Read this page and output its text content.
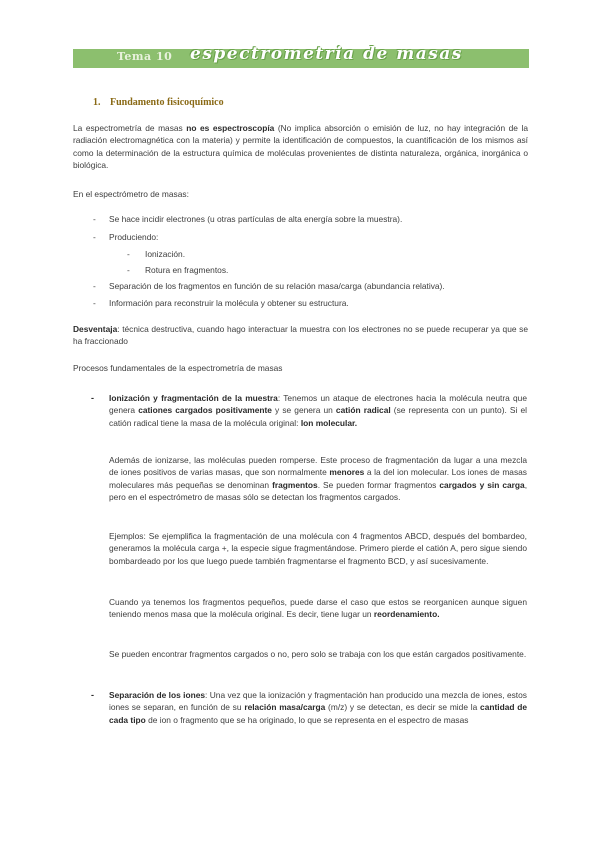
Tema 10 espectrometria de masas
1. Fundamento fisicoquímico
La espectrometría de masas no es espectroscopía (No implica absorción o emisión de luz, no hay integración de la radiación electromagnética con la materia) y permite la identificación de compuestos, la cuantificación de los mismos así como la determinación de la estructura química de moléculas provenientes de distinta naturaleza, orgánica, inorgánica o biológica.
En el espectrómetro de masas:
- Se hace incidir electrones (u otras partículas de alta energía sobre la muestra).
- Produciendo:
- Ionización.
- Rotura en fragmentos.
- Separación de los fragmentos en función de su relación masa/carga (abundancia relativa).
- Información para reconstruir la molécula y obtener su estructura.
Desventaja: técnica destructiva, cuando hago interactuar la muestra con los electrones no se puede recuperar ya que se ha fraccionado
Procesos fundamentales de la espectrometría de masas
- Ionización y fragmentación de la muestra: Tenemos un ataque de electrones hacia la molécula neutra que genera cationes cargados positivamente y se genera un catión radical (se representa con un punto). Si el catión radical tiene la masa de la molécula original: Ion molecular.
Además de ionizarse, las moléculas pueden romperse. Este proceso de fragmentación da lugar a una mezcla de iones positivos de varias masas, que son normalmente menores a la del ion molecular. Los iones de masas moleculares más pequeñas se denominan fragmentos. Se pueden formar fragmentos cargados y sin carga, pero en el espectrómetro de masas sólo se detectan los fragmentos cargados.
Ejemplos: Se ejemplifica la fragmentación de una molécula con 4 fragmentos ABCD, después del bombardeo, generamos la molécula carga +, la especie sigue fragmentándose. Primero pierde el catión A, pero sigue siendo bombardeado por los que luego puede también fragmentarse el fragmento BCD, y así sucesivamente.
Cuando ya tenemos los fragmentos pequeños, puede darse el caso que estos se reorganicen aunque siguen teniendo menos masa que la molécula original. Es decir, tiene lugar un reordenamiento.
Se pueden encontrar fragmentos cargados o no, pero solo se trabaja con los que están cargados positivamente.
- Separación de los iones: Una vez que la ionización y fragmentación han producido una mezcla de iones, estos iones se separan, en función de su relación masa/carga (m/z) y se detectan, es decir se mide la cantidad de cada tipo de ion o fragmento que se ha originado, lo que se representa en el espectro de masas
